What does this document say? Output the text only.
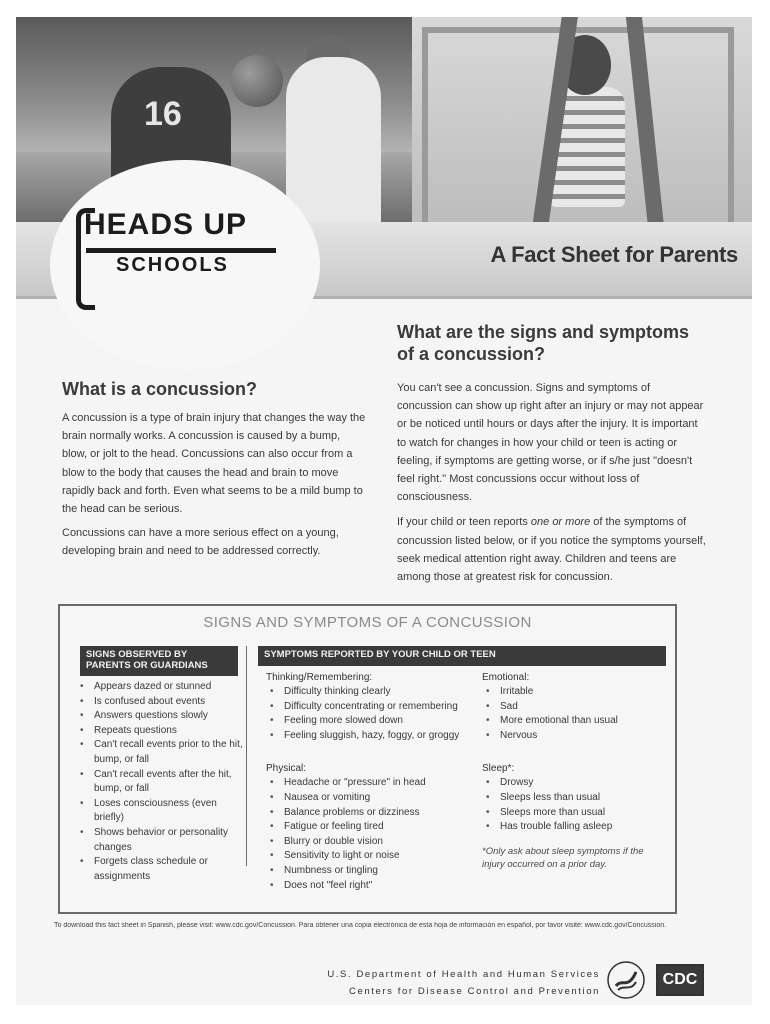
16
A Fact Sheet for Parents
HEADS UP
SCHOOLS
What is a concussion?

A concussion is a type of brain injury that changes the way the brain normally works. A concussion is caused by a bump, blow, or jolt to the head. Concussions can also occur from a blow to the body that causes the head and brain to move rapidly back and forth. Even what seems to be a mild bump to the head can be serious.

Concussions can have a more serious effect on a young, developing brain and need to be addressed correctly.

What are the signs and symptoms
of a concussion?

You can't see a concussion. Signs and symptoms of concussion can show up right after an injury or may not appear or be noticed until hours or days after the injury. It is important to watch for changes in how your child or teen is acting or feeling, if symptoms are getting worse, or if s/he just "doesn't feel right." Most concussions occur without loss of consciousness.

If your child or teen reports one or more of the symptoms of concussion listed below, or if you notice the symptoms yourself, seek medical attention right away. Children and teens are among those at greatest risk for concussion.

SIGNS AND SYMPTOMS OF A CONCUSSION
SIGNS OBSERVED BY PARENTS OR GUARDIANS
SYMPTOMS REPORTED BY YOUR CHILD OR TEEN
• Appears dazed or stunned
• Is confused about events
• Answers questions slowly
• Repeats questions
• Can't recall events prior to the hit, bump, or fall
• Can't recall events after the hit, bump, or fall
• Loses consciousness (even briefly)
• Shows behavior or personality changes
• Forgets class schedule or assignments
Thinking/Remembering:
• Difficulty thinking clearly
• Difficulty concentrating or remembering
• Feeling more slowed down
• Feeling sluggish, hazy, foggy, or groggy
Physical:
• Headache or "pressure" in head
• Nausea or vomiting
• Balance problems or dizziness
• Fatigue or feeling tired
• Blurry or double vision
• Sensitivity to light or noise
• Numbness or tingling
• Does not "feel right"
Emotional:
• Irritable
• Sad
• More emotional than usual
• Nervous
Sleep*:
• Drowsy
• Sleeps less than usual
• Sleeps more than usual
• Has trouble falling asleep
*Only ask about sleep symptoms if the injury occurred on a prior day.
To download this fact sheet in Spanish, please visit: www.cdc.gov/Concussion. Para obtener una copia electrónica de esta hoja de información en español, por favor visite: www.cdc.gov/Concussion.
U.S. Department of Health and Human Services
Centers for Disease Control and Prevention
CDC
